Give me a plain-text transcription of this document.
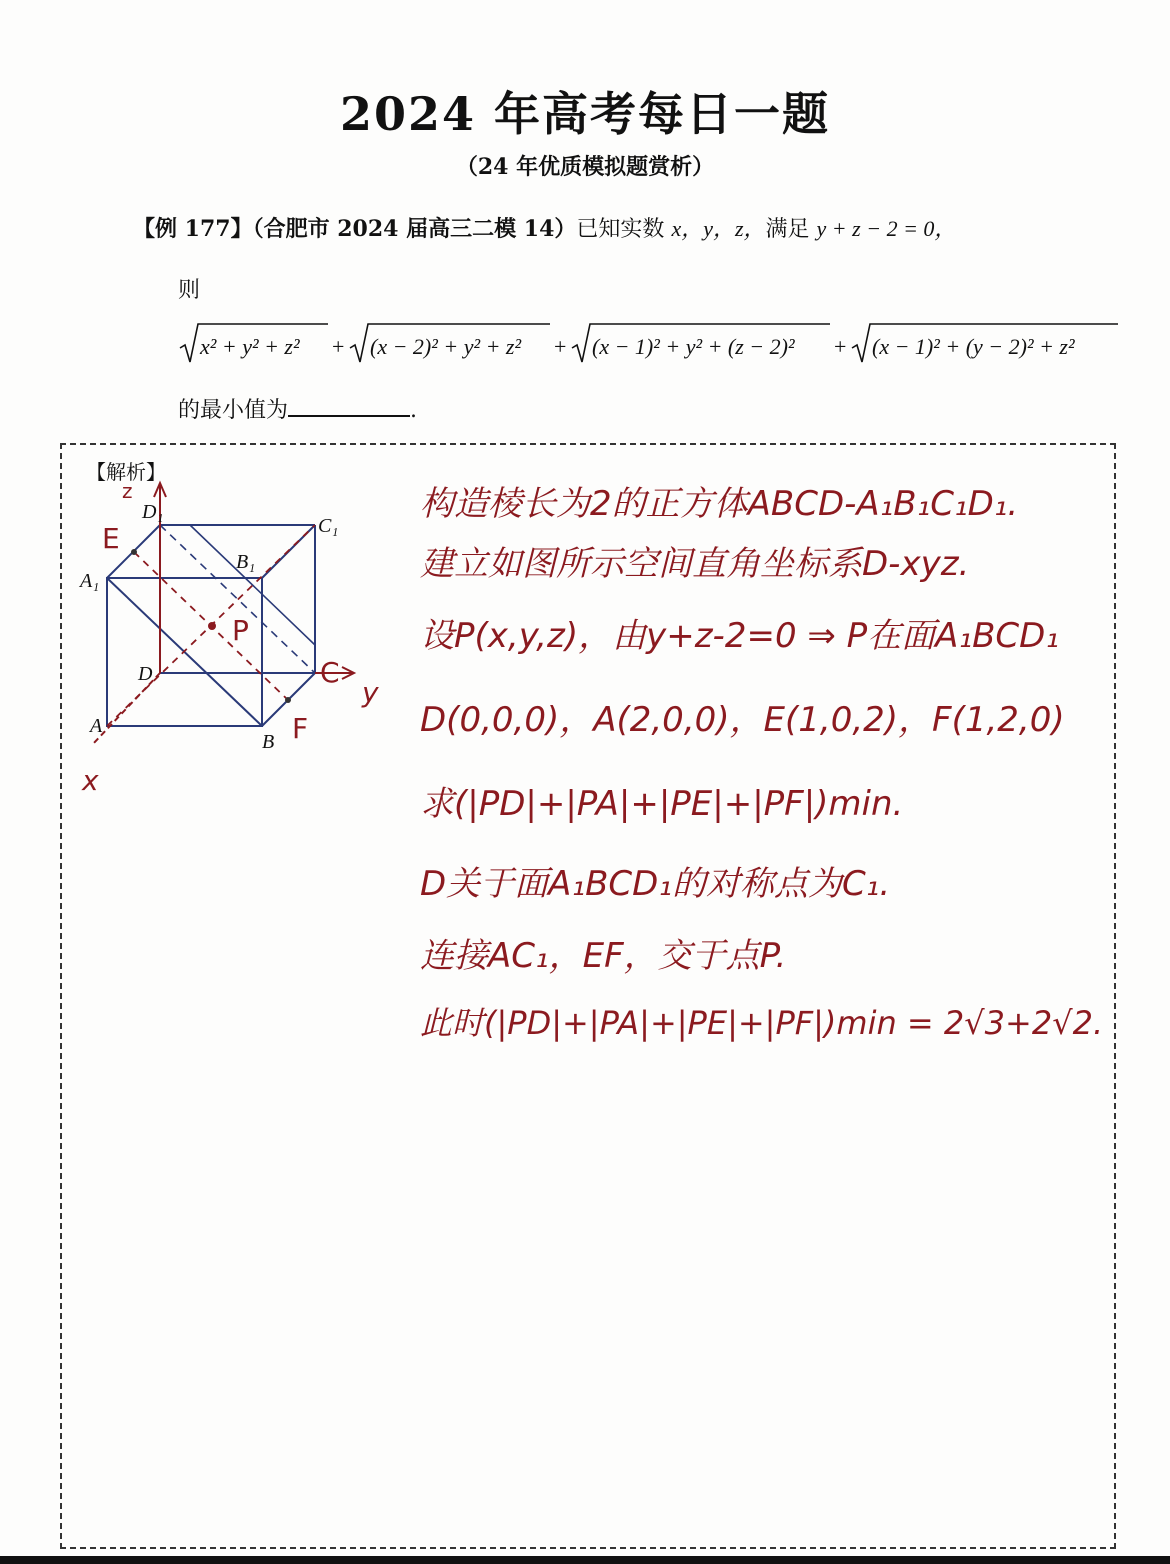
2024 年高考每日一题
（24 年优质模拟题赏析）
【例 177】（合肥市 2024 届高三二模 14）已知实数 x，y，z，满足 y + z − 2 = 0，
则
x² + y² + z² + (x − 2)² + y² + z² + (x − 1)² + y² + (z − 2)² + (x − 1)² + (y − 2)² + z²
的最小值为	.
【解析】
D₁
C₁
B₁
A₁
D
A
B
z
E
P
C
y
F
x
构造棱长为2的正方体ABCD-A₁B₁C₁D₁.
建立如图所示空间直角坐标系D-xyz.
设P(x,y,z)，由y+z-2=0 ⇒ P在面A₁BCD₁
D(0,0,0)，A(2,0,0)，E(1,0,2)，F(1,2,0)
求(|PD|+|PA|+|PE|+|PF|)min.
D关于面A₁BCD₁的对称点为C₁.
连接AC₁，EF，交于点P.
此时(|PD|+|PA|+|PE|+|PF|)min = 2√3+2√2.
